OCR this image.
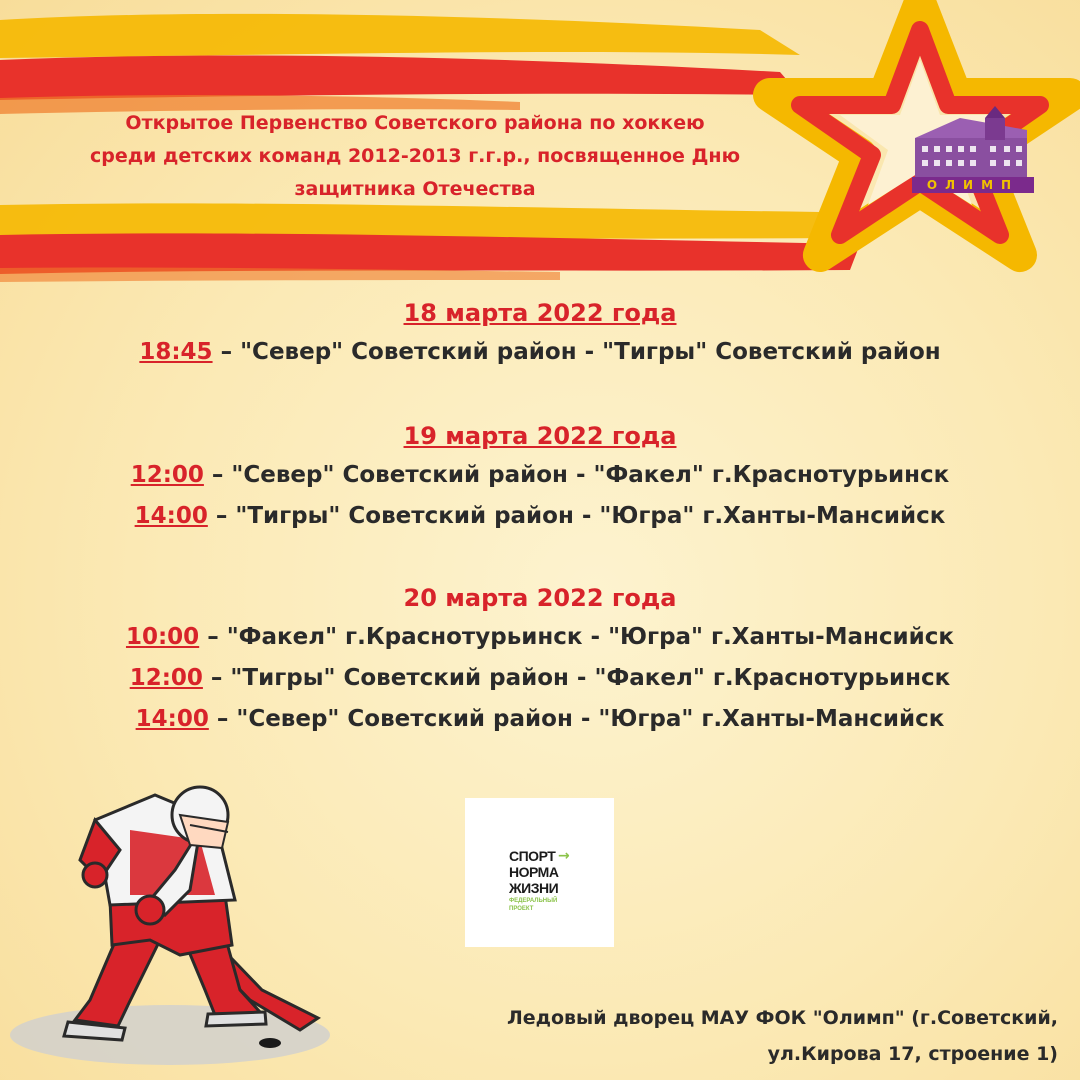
ОЛИМП
Открытое Первенство Советского района по хоккею
среди детских команд 2012-2013 г.г.р., посвященное Дню
защитника Отечества
18 марта 2022 года
18:45 – "Север" Советский район - "Тигры" Советский район
19 марта 2022 года
12:00 – "Север" Советский район - "Факел" г.Краснотурьинск
14:00 – "Тигры" Советский район - "Югра" г.Ханты-Мансийск
20 марта 2022 года
10:00 – "Факел" г.Краснотурьинск - "Югра" г.Ханты-Мансийск
12:00 – "Тигры" Советский район - "Факел" г.Краснотурьинск
14:00 – "Север" Советский район - "Югра" г.Ханты-Мансийск
СПОРТ →
НОРМА
ЖИЗНИ
ФЕДЕРАЛЬНЫЙ
ПРОЕКТ
Ледовый дворец МАУ ФОК "Олимп" (г.Советский,
ул.Кирова 17, строение 1)
